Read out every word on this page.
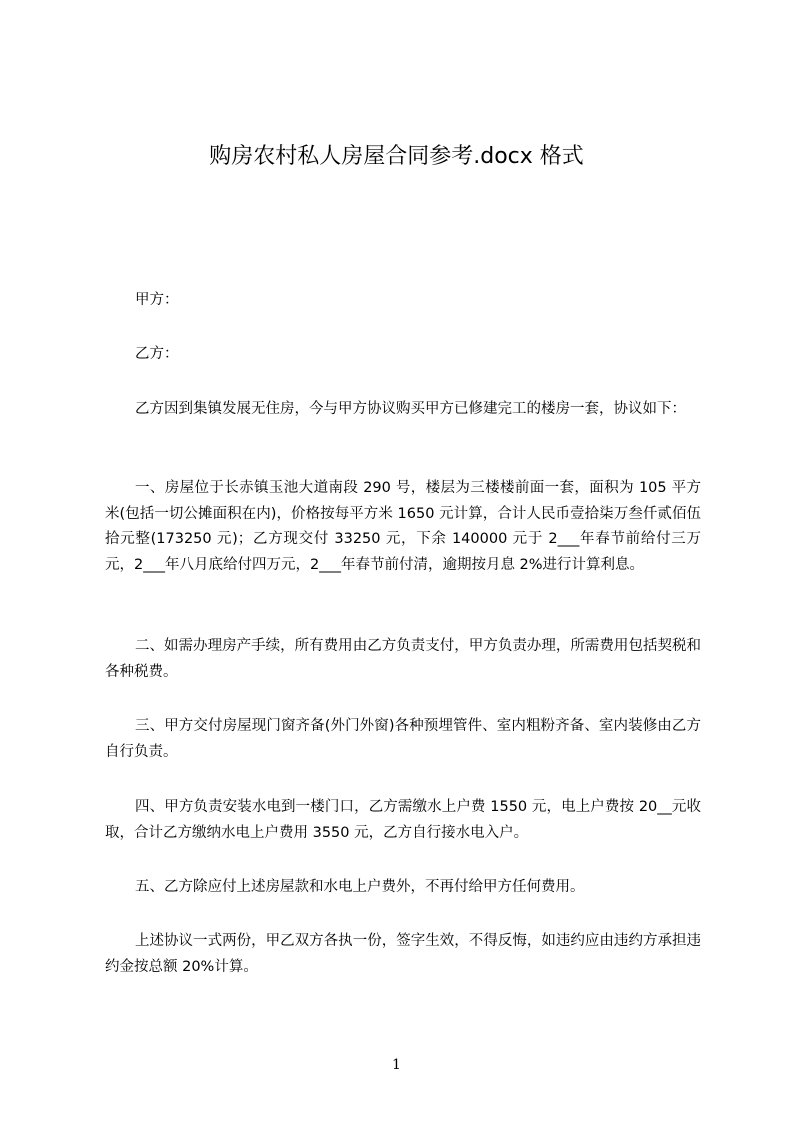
购房农村私人房屋合同参考.docx 格式

甲方：

乙方：

乙方因到集镇发展无住房，今与甲方协议购买甲方已修建完工的楼房一套，协议如下：

一、房屋位于长赤镇玉池大道南段 290 号，楼层为三楼楼前面一套，面积为 105 平方米(包括一切公摊面积在内)，价格按每平方米 1650 元计算，合计人民币壹拾柒万叁仟贰佰伍拾元整(173250 元)；乙方现交付 33250 元，下余 140000 元于 2___年春节前给付三万元，2___年八月底给付四万元，2___年春节前付清，逾期按月息 2%进行计算利息。

二、如需办理房产手续，所有费用由乙方负责支付，甲方负责办理，所需费用包括契税和各种税费。

三、甲方交付房屋现门窗齐备(外门外窗)各种预埋管件、室内粗粉齐备、室内装修由乙方自行负责。

四、甲方负责安装水电到一楼门口，乙方需缴水上户费 1550 元，电上户费按 20__元收取，合计乙方缴纳水电上户费用 3550 元，乙方自行接水电入户。

五、乙方除应付上述房屋款和水电上户费外，不再付给甲方任何费用。

上述协议一式两份，甲乙双方各执一份，签字生效，不得反悔，如违约应由违约方承担违约金按总额 20%计算。

1
